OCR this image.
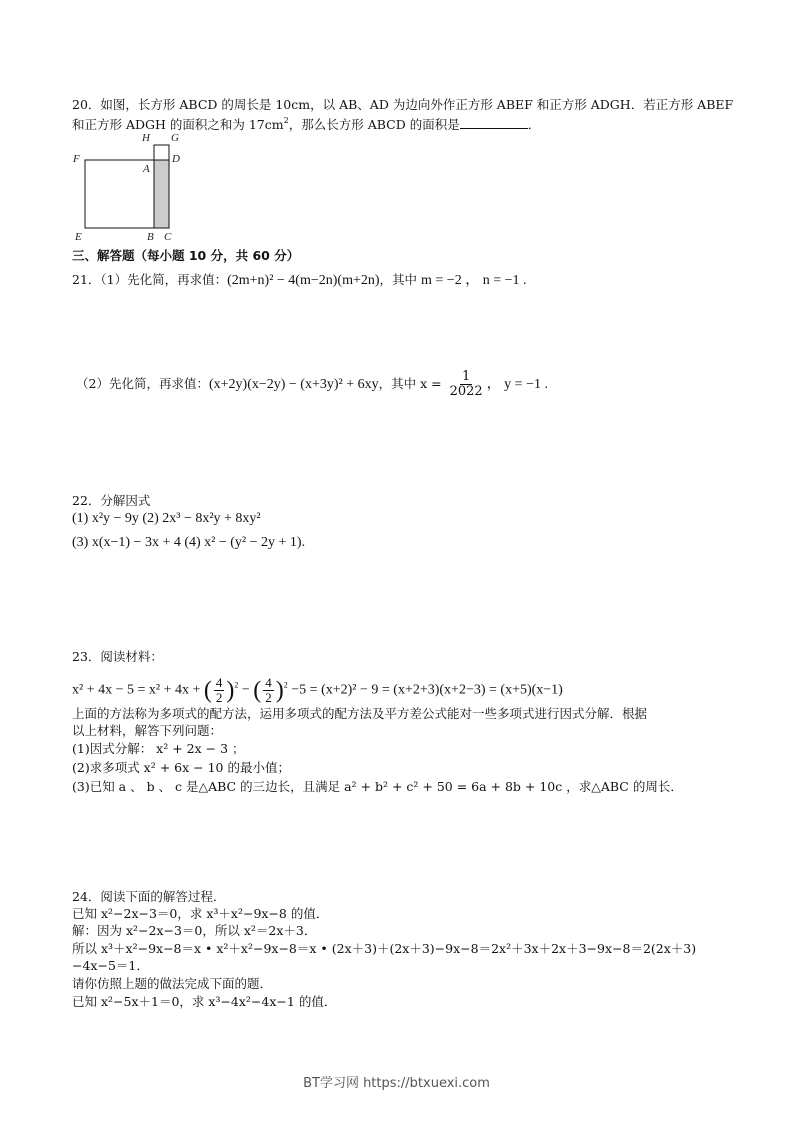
20．如图，长方形 ABCD 的周长是 10cm，以 AB、AD 为边向外作正方形 ABEF 和正方形 ADGH．若正方形 ABEF
和正方形 ADGH 的面积之和为 $17cm^2$，那么长方形 ABCD 的面积是	．
H G
F
A
D
E	B C
三、解答题（每小题 10 分，共 60 分）
21．（1）先化简，再求值：(2m+n)² − 4(m−2n)(m+2n)，其中 m = −2 ， n = −1 .
（2）先化简，再求值：(x+2y)(x−2y) − (x+3y)² + 6xy，其中 $x = \frac{1}{2022}$ ， y = −1 .
22．分解因式
(1) x²y − 9y (2) 2x³ − 8x²y + 8xy²
(3) x(x−1) − 3x + 4 (4) x² − (y² − 2y + 1).
23．阅读材料：
x² + 4x − 5 = x² + 4x + ( $\frac{4}{2} )^2$ − ( $\frac{4}{2} )^2 -5 = (x+2)^2 - 9 = (x+2+3)(x+2-3) = (x+5)(x-1)$
上面的方法称为多项式的配方法，运用多项式的配方法及平方差公式能对一些多项式进行因式分解．根据
以上材料，解答下列问题：
(1)因式分解： x² + 2x − 3 ；
(2)求多项式 x² + 6x − 10 的最小值；
(3)已知 a 、 b 、 c 是△ABC 的三边长，且满足 a² + b² + c² + 50 = 6a + 8b + 10c ，求△ABC 的周长．
24．阅读下面的解答过程．
已知 x²−2x−3＝0，求 x³＋x²−9x−8 的值．
解：因为 x²−2x−3＝0，所以 x²＝2x＋3．
所以 x³＋x²−9x−8＝x • x²＋x²−9x−8＝x • (2x＋3)＋(2x＋3)−9x−8＝2x²＋3x＋2x＋3−9x−8＝2(2x＋3)
−4x−5＝1．
请你仿照上题的做法完成下面的题．
已知 x²−5x＋1＝0，求 x³−4x²−4x−1 的值．
BT学习网 https://btxuexi.com
